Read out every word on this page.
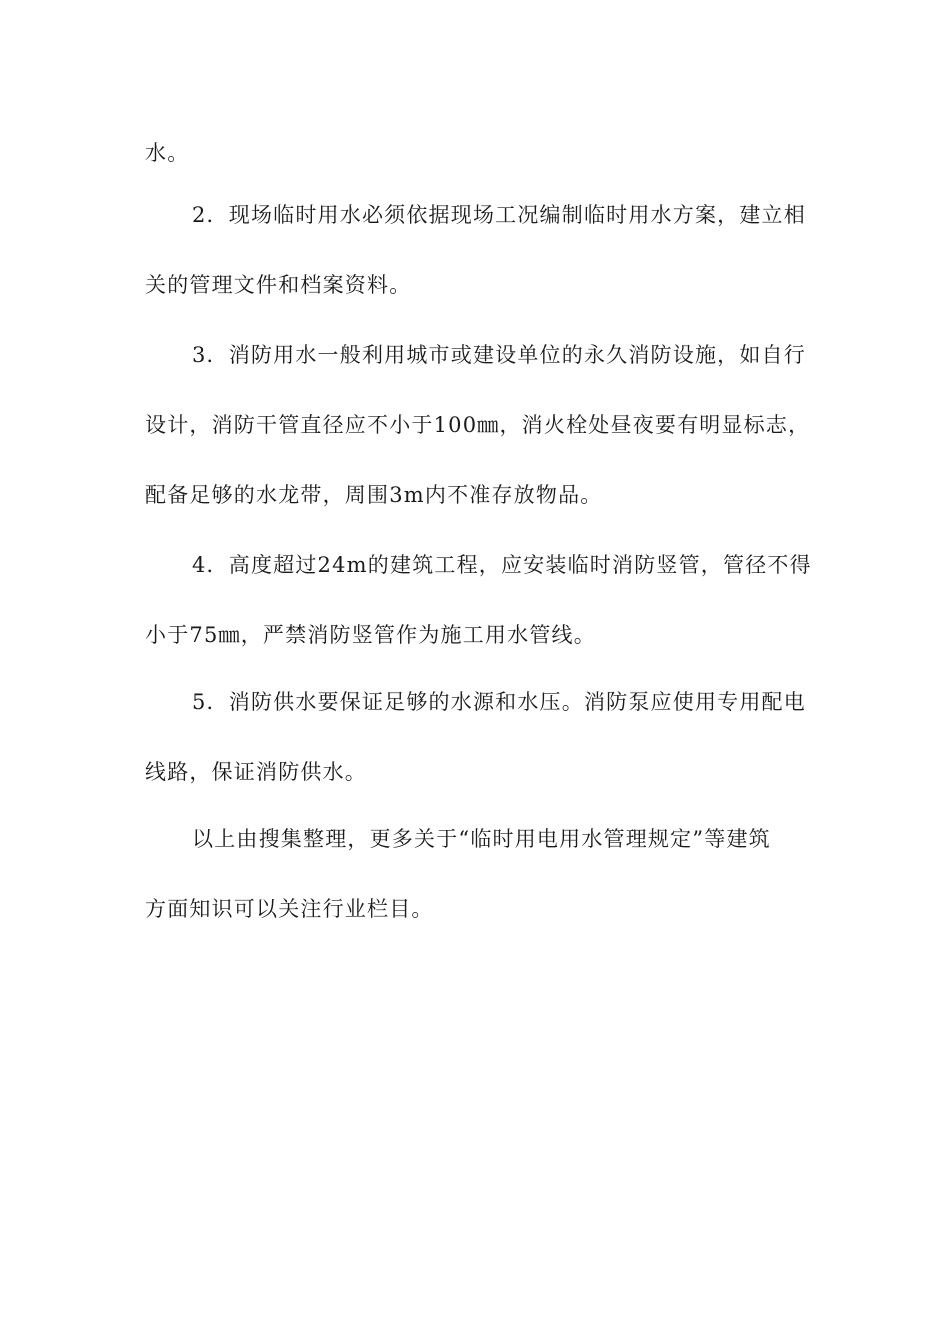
水。
2．现场临时用水必须依据现场工况编制临时用水方案，建立相
关的管理文件和档案资料。
3．消防用水一般利用城市或建设单位的永久消防设施，如自行
设计，消防干管直径应不小于100㎜，消火栓处昼夜要有明显标志，
配备足够的水龙带，周围3m内不准存放物品。
4．高度超过24m的建筑工程，应安装临时消防竖管，管径不得
小于75㎜，严禁消防竖管作为施工用水管线。
5．消防供水要保证足够的水源和水压。消防泵应使用专用配电
线路，保证消防供水。
以上由搜集整理，更多关于“临时用电用水管理规定”等建筑
方面知识可以关注行业栏目。
